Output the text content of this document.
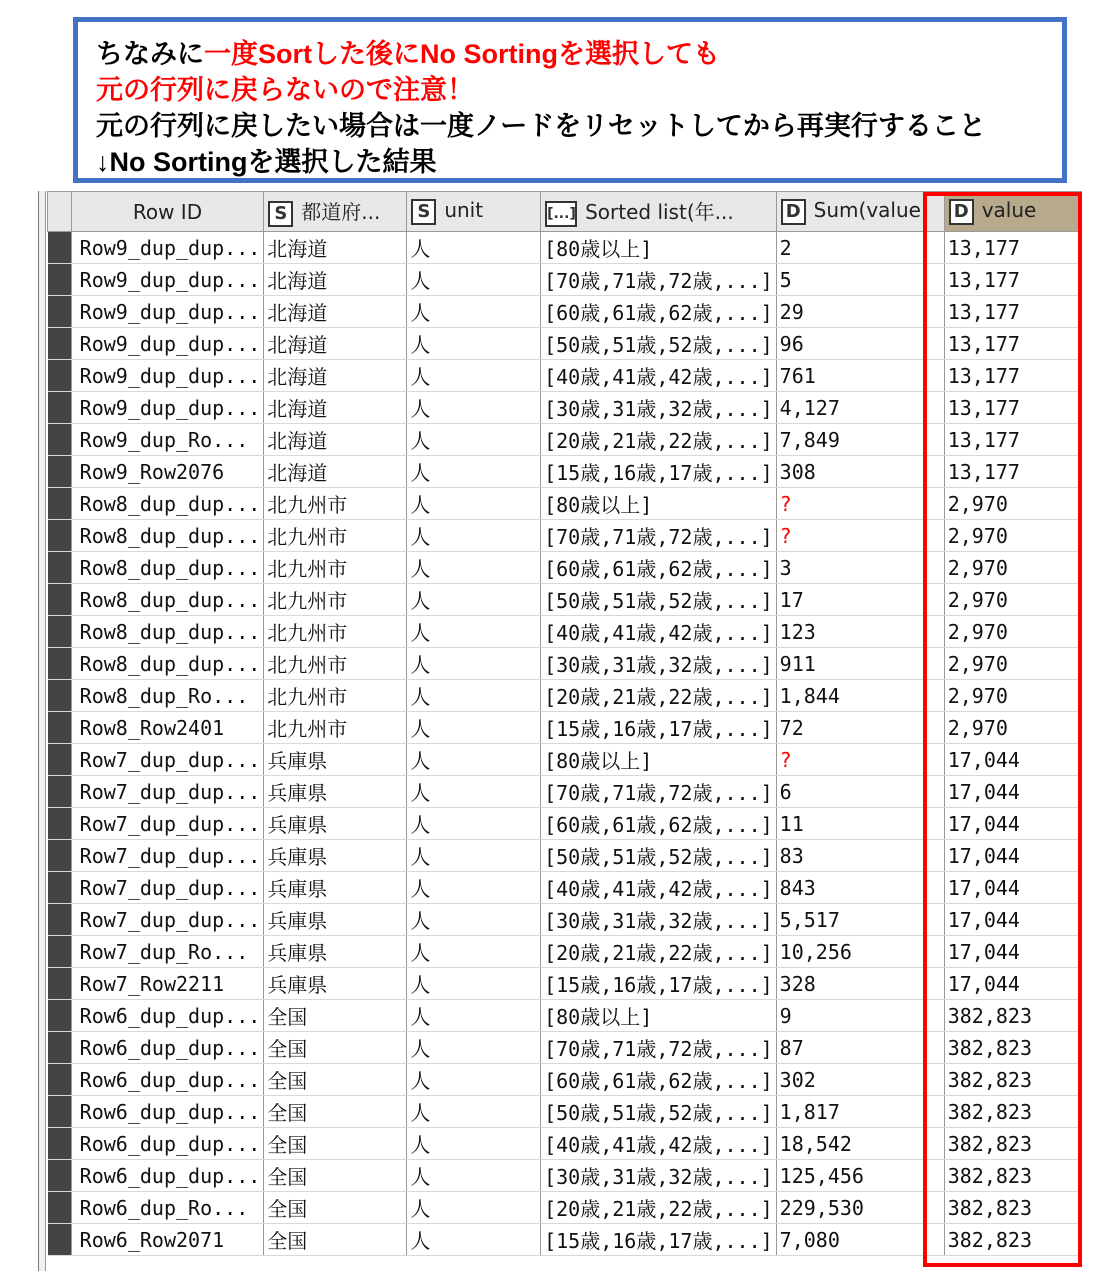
ちなみに一度Sortした後にNo Sortingを選択しても
元の行列に戻らないので注意！
元の行列に戻したい場合は一度ノードをリセットしてから再実行すること
↓No Sortingを選択した結果
	Row ID	S 都道府...	S unit	[...] Sorted list(年...	D Sum(value)	D value
	Row9_dup_dup...	北海道	人	[80歳以上]	2	13,177
	Row9_dup_dup...	北海道	人	[70歳,71歳,72歳,...]	5	13,177
	Row9_dup_dup...	北海道	人	[60歳,61歳,62歳,...]	29	13,177
	Row9_dup_dup...	北海道	人	[50歳,51歳,52歳,...]	96	13,177
	Row9_dup_dup...	北海道	人	[40歳,41歳,42歳,...]	761	13,177
	Row9_dup_dup...	北海道	人	[30歳,31歳,32歳,...]	4,127	13,177
	Row9_dup_Ro...	北海道	人	[20歳,21歳,22歳,...]	7,849	13,177
	Row9_Row2076	北海道	人	[15歳,16歳,17歳,...]	308	13,177
	Row8_dup_dup...	北九州市	人	[80歳以上]	?	2,970
	Row8_dup_dup...	北九州市	人	[70歳,71歳,72歳,...]	?	2,970
	Row8_dup_dup...	北九州市	人	[60歳,61歳,62歳,...]	3	2,970
	Row8_dup_dup...	北九州市	人	[50歳,51歳,52歳,...]	17	2,970
	Row8_dup_dup...	北九州市	人	[40歳,41歳,42歳,...]	123	2,970
	Row8_dup_dup...	北九州市	人	[30歳,31歳,32歳,...]	911	2,970
	Row8_dup_Ro...	北九州市	人	[20歳,21歳,22歳,...]	1,844	2,970
	Row8_Row2401	北九州市	人	[15歳,16歳,17歳,...]	72	2,970
	Row7_dup_dup...	兵庫県	人	[80歳以上]	?	17,044
	Row7_dup_dup...	兵庫県	人	[70歳,71歳,72歳,...]	6	17,044
	Row7_dup_dup...	兵庫県	人	[60歳,61歳,62歳,...]	11	17,044
	Row7_dup_dup...	兵庫県	人	[50歳,51歳,52歳,...]	83	17,044
	Row7_dup_dup...	兵庫県	人	[40歳,41歳,42歳,...]	843	17,044
	Row7_dup_dup...	兵庫県	人	[30歳,31歳,32歳,...]	5,517	17,044
	Row7_dup_Ro...	兵庫県	人	[20歳,21歳,22歳,...]	10,256	17,044
	Row7_Row2211	兵庫県	人	[15歳,16歳,17歳,...]	328	17,044
	Row6_dup_dup...	全国	人	[80歳以上]	9	382,823
	Row6_dup_dup...	全国	人	[70歳,71歳,72歳,...]	87	382,823
	Row6_dup_dup...	全国	人	[60歳,61歳,62歳,...]	302	382,823
	Row6_dup_dup...	全国	人	[50歳,51歳,52歳,...]	1,817	382,823
	Row6_dup_dup...	全国	人	[40歳,41歳,42歳,...]	18,542	382,823
	Row6_dup_dup...	全国	人	[30歳,31歳,32歳,...]	125,456	382,823
	Row6_dup_Ro...	全国	人	[20歳,21歳,22歳,...]	229,530	382,823
	Row6_Row2071	全国	人	[15歳,16歳,17歳,...]	7,080	382,823
